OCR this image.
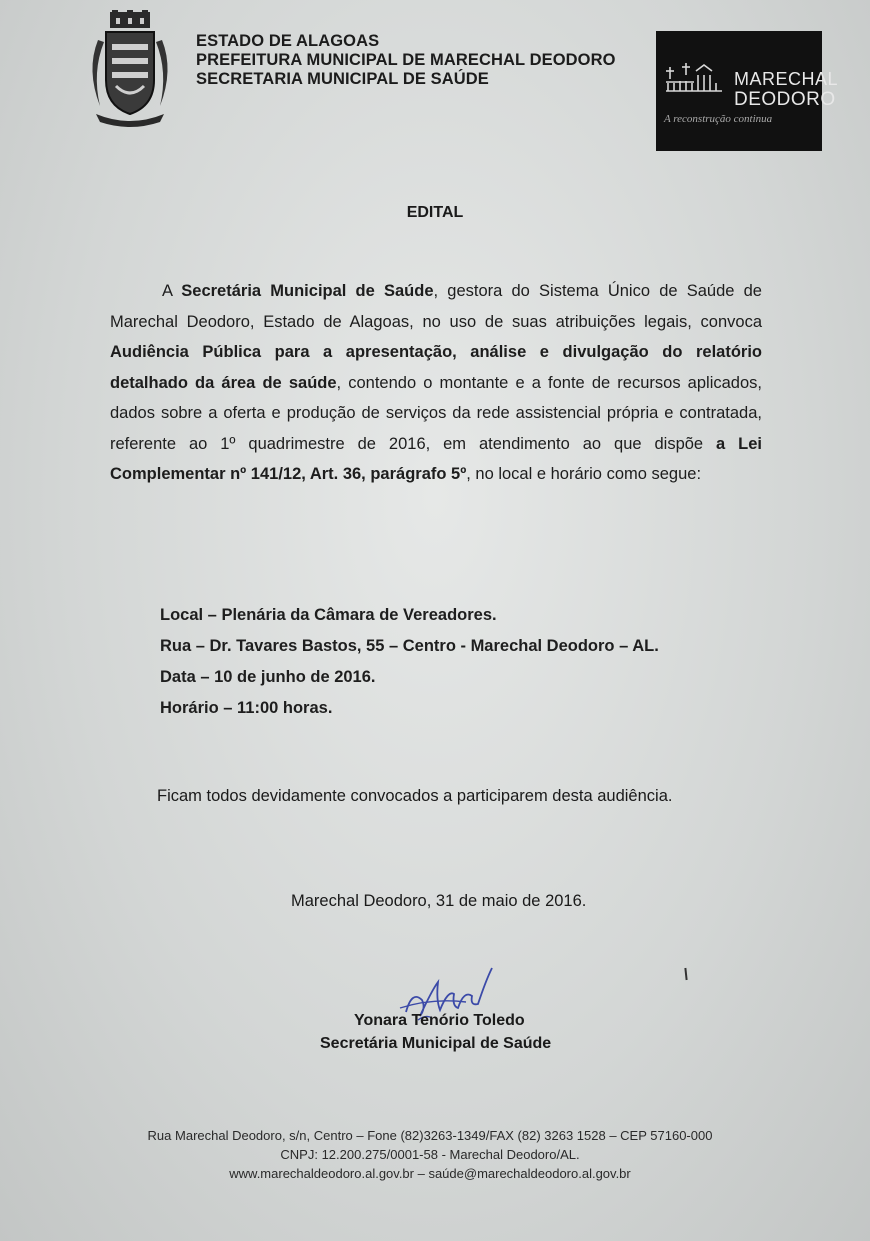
ESTADO DE ALAGOAS
PREFEITURA MUNICIPAL DE MARECHAL DEODORO
SECRETARIA MUNICIPAL DE SAÚDE	MARECHAL
DEODORO
A reconstrução continua
EDITAL
A Secretária Municipal de Saúde, gestora do Sistema Único de Saúde de Marechal Deodoro, Estado de Alagoas, no uso de suas atribuições legais, convoca Audiência Pública para a apresentação, análise e divulgação do relatório detalhado da área de saúde, contendo o montante e a fonte de recursos aplicados, dados sobre a oferta e produção de serviços da rede assistencial própria e contratada, referente ao 1º quadrimestre de 2016, em atendimento ao que dispõe a Lei Complementar nº 141/12, Art. 36, parágrafo 5º, no local e horário como segue:
Local – Plenária da Câmara de Vereadores.
Rua – Dr. Tavares Bastos, 55 – Centro - Marechal Deodoro – AL.
Data – 10 de junho de 2016.
Horário – 11:00 horas.
Ficam todos devidamente convocados a participarem desta audiência.
Marechal Deodoro, 31 de maio de 2016.
Yonara Tenório Toledo
Secretária Municipal de Saúde
Rua Marechal Deodoro, s/n, Centro – Fone (82)3263-1349/FAX (82) 3263 1528 – CEP 57160-000
CNPJ: 12.200.275/0001-58 - Marechal Deodoro/AL.
www.marechaldeodoro.al.gov.br – saúde@marechaldeodoro.al.gov.br
